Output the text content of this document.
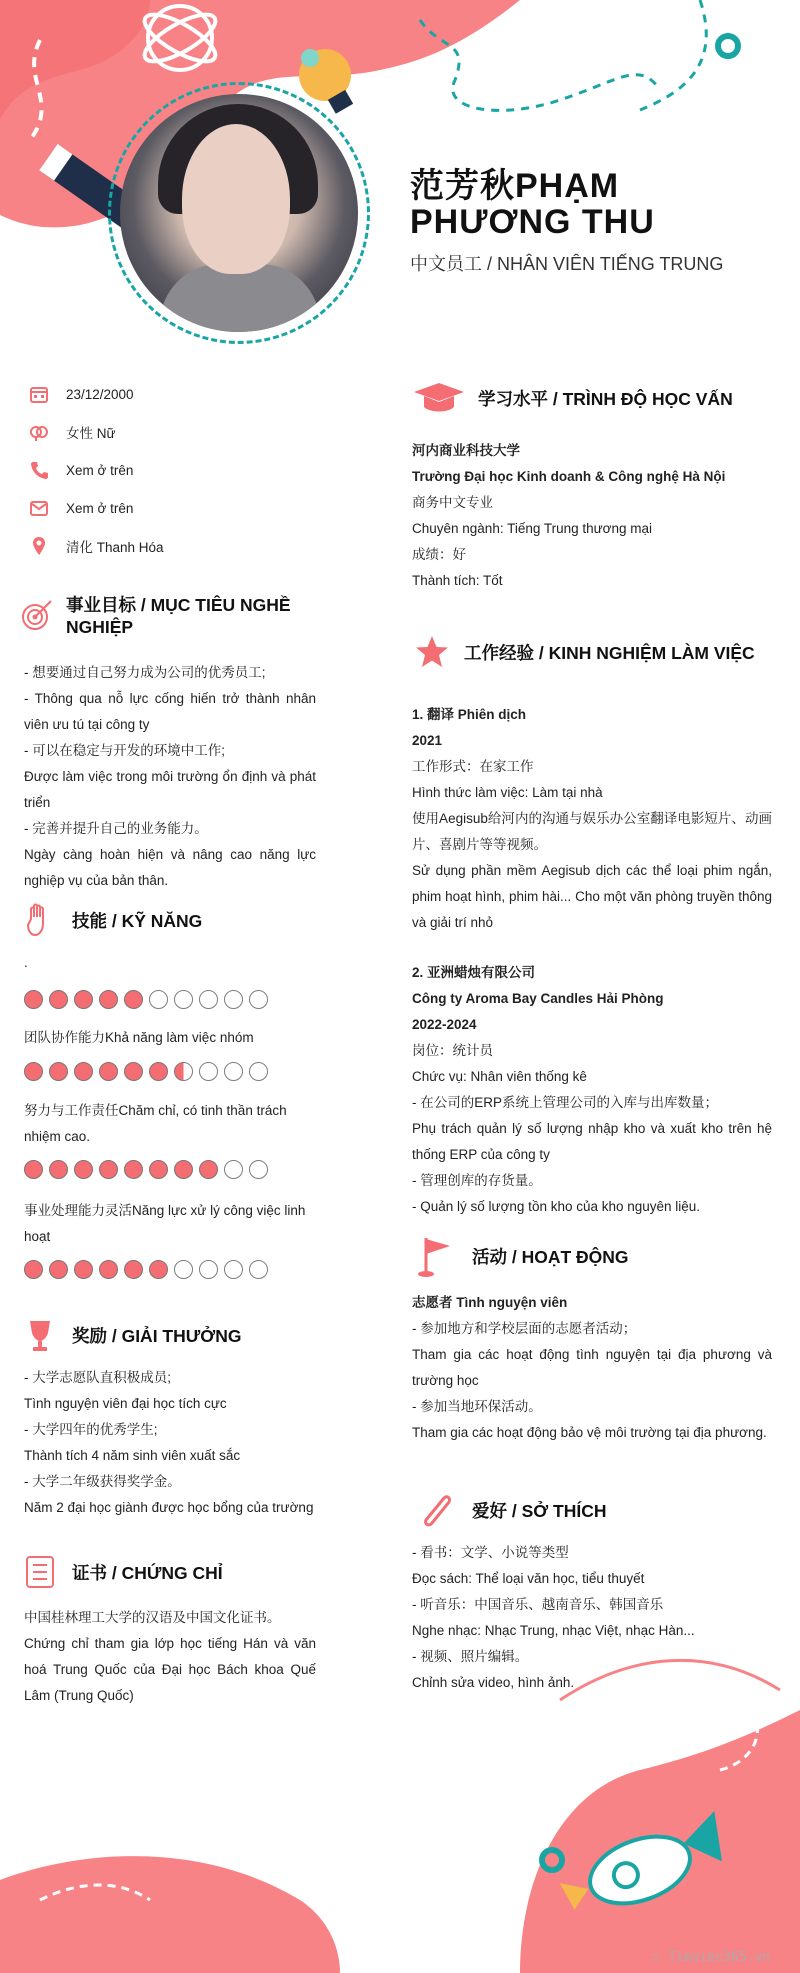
范芳秋PHẠM PHƯƠNG THU
中文员工 / NHÂN VIÊN TIẾNG TRUNG
23/12/2000
女性 Nữ
Xem ở trên
Xem ở trên
清化 Thanh Hóa
事业目标 / MỤC TIÊU NGHỀ NGHIỆP

- 想要通过自己努力成为公司的优秀员工;

- Thông qua nỗ lực cống hiến trở thành nhân viên ưu tú tại công ty

- 可以在稳定与开发的环境中工作;

Được làm việc trong môi trường ổn định và phát triển

- 完善并提升自己的业务能力。

Ngày càng hoàn hiện và nâng cao năng lực nghiệp vụ của bản thân.

技能 / KỸ NĂNG
.
团队协作能力Khả năng làm việc nhóm
努力与工作责任Chăm chỉ, có tinh thần trách nhiệm cao.
事业处理能力灵活Năng lực xử lý công việc linh hoạt
奖励 / GIẢI THƯỞNG

- 大学志愿队直积极成员;

Tình nguyện viên đại học tích cực

- 大学四年的优秀学生;

Thành tích 4 năm sinh viên xuất sắc

- 大学二年级获得奖学金。

Năm 2 đại học giành được học bổng của trường

证书 / CHỨNG CHỈ

中国桂林理工大学的汉语及中国文化证书。

Chứng chỉ tham gia lớp học tiếng Hán và văn hoá Trung Quốc của Đại học Bách khoa Quế Lâm (Trung Quốc)

学习水平 / TRÌNH ĐỘ HỌC VẤN

河内商业科技大学

Trường Đại học Kinh doanh & Công nghệ Hà Nội

商务中文专业

Chuyên ngành: Tiếng Trung thương mại

成绩：好

Thành tích: Tốt

工作经验 / KINH NGHIỆM LÀM VIỆC

1. 翻译 Phiên dịch

2021

工作形式：在家工作

Hình thức làm việc: Làm tại nhà

使用Aegisub给河内的沟通与娱乐办公室翻译电影短片、动画片、喜剧片等等视频。

Sử dụng phần mềm Aegisub dịch các thể loại phim ngắn, phim hoạt hình, phim hài... Cho một văn phòng truyền thông và giải trí nhỏ

2. 亚洲蜡烛有限公司

Công ty Aroma Bay Candles Hải Phòng

2022-2024

岗位：统计员

Chức vụ: Nhân viên thống kê

- 在公司的ERP系统上管理公司的入库与出库数量；

Phụ trách quản lý số lượng nhập kho và xuất kho trên hệ thống ERP của công ty

- 管理创库的存货量。

- Quản lý số lượng tồn kho của kho nguyên liệu.

活动 / HOẠT ĐỘNG

志愿者 Tình nguyện viên

- 参加地方和学校层面的志愿者活动；

Tham gia các hoạt động tình nguyện tại địa phương và trường học

- 参加当地环保活动。

Tham gia các hoạt động bảo vệ môi trường tại địa phương.

爱好 / SỞ THÍCH

- 看书：文学、小说等类型

Đọc sách: Thể loại văn học, tiểu thuyết

- 听音乐：中国音乐、越南音乐、韩国音乐

Nghe nhạc: Nhạc Trung, nhạc Việt, nhạc Hàn...

- 视频、照片编辑。

Chỉnh sửa video, hình ảnh.

⛬ Timviec365.vn
